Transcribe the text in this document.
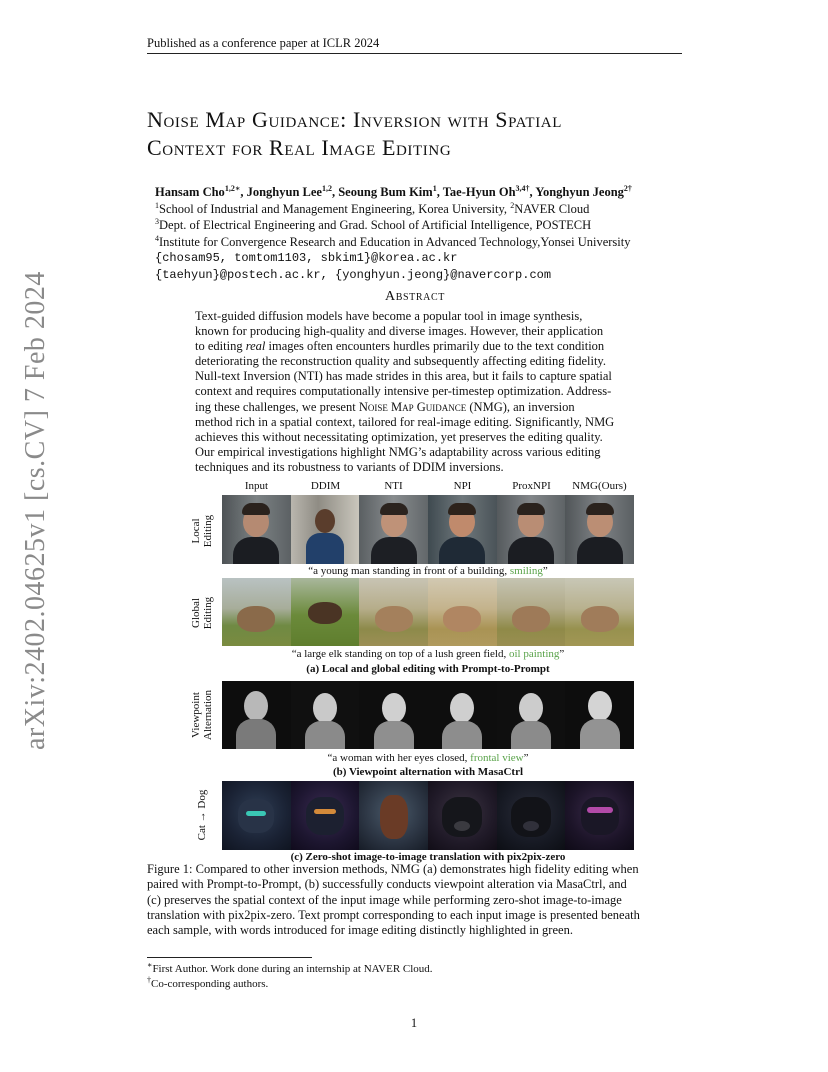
Published as a conference paper at ICLR 2024
arXiv:2402.04625v1 [cs.CV] 7 Feb 2024
Noise Map Guidance: Inversion with Spatial
Context for Real Image Editing
Hansam Cho$^{1,2∗}$, Jonghyun Lee$^{1,2}$, Seoung Bum Kim$^1$, Tae-Hyun $Oh^{3,4\dagger}$, Yonghyun Jeong$^{2\dagger}$
$^1$School of Industrial and Management Engineering, Korea University, $^2$NAVER Cloud
$^3$Dept. of Electrical Engineering and Grad. School of Artificial Intelligence, POSTECH
$^4$Institute for Convergence Research and Education in Advanced Technology,Yonsei University
{chosam95, tomtom1103, sbkim1}@korea.ac.kr
{taehyun}@postech.ac.kr, {yonghyun.jeong}@navercorp.com
Abstract
Text-guided diffusion models have become a popular tool in image synthesis,
known for producing high-quality and diverse images. However, their application
to editing real images often encounters hurdles primarily due to the text condition
deteriorating the reconstruction quality and subsequently affecting editing fidelity.
Null-text Inversion (NTI) has made strides in this area, but it fails to capture spatial
context and requires computationally intensive per-timestep optimization. Address-
ing these challenges, we present Noise Map Guidance (NMG), an inversion
method rich in a spatial context, tailored for real-image editing. Significantly, NMG
achieves this without necessitating optimization, yet preserves the editing quality.
Our empirical investigations highlight NMG’s adaptability across various editing
techniques and its robustness to variants of DDIM inversions.
Input	DDIM	NTI	NPI	ProxNPI	NMG(Ours)
Local Editing
“a young man standing in front of a building, smiling”
Global Editing
“a large elk standing on top of a lush green field, oil painting”
(a) Local and global editing with Prompt-to-Prompt
Viewpoint Alternation
“a woman with her eyes closed, frontal view”
(b) Viewpoint alternation with MasaCtrl
Cat → Dog
(c) Zero-shot image-to-image translation with pix2pix-zero
Figure 1: Compared to other inversion methods, NMG (a) demonstrates high fidelity editing when
paired with Prompt-to-Prompt, (b) successfully conducts viewpoint alteration via MasaCtrl, and
(c) preserves the spatial context of the input image while performing zero-shot image-to-image
translation with pix2pix-zero. Text prompt corresponding to each input image is presented beneath
each sample, with words introduced for image editing distinctly highlighted in green.
∗First Author. Work done during an internship at NAVER Cloud.
†Co-corresponding authors.
1
